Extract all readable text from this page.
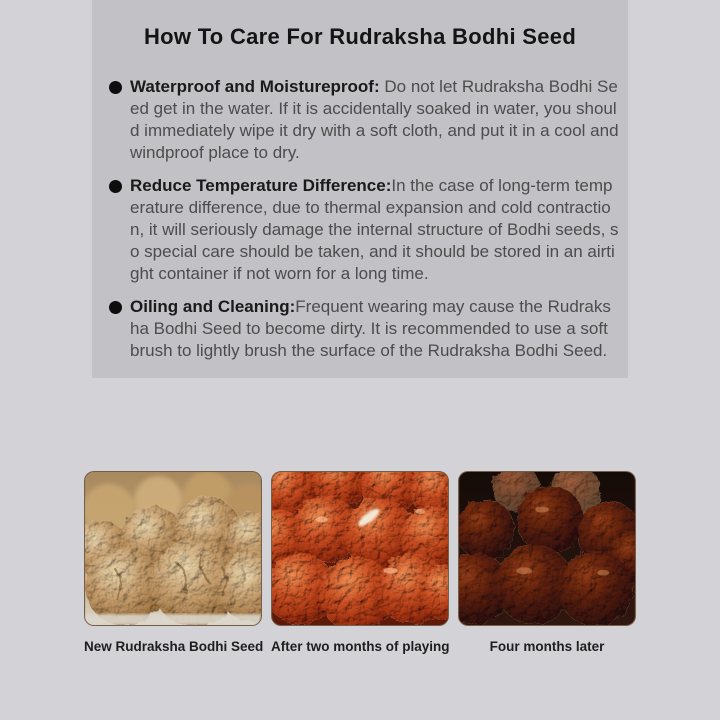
How To Care For Rudraksha Bodhi Seed
Waterproof and Moistureproof: Do not let Rudraksha Bodhi Seed get in the water. If it is accidentally soaked in water, you should immediately wipe it dry with a soft cloth, and put it in a cool and windproof place to dry.
Reduce Temperature Difference:In the case of long-term temperature difference, due to thermal expansion and cold contraction, it will seriously damage the internal structure of Bodhi seeds, so special care should be taken, and it should be stored in an airtight container if not worn for a long time.
Oiling and Cleaning:Frequent wearing may cause the Rudraksha Bodhi Seed to become dirty. It is recommended to use a soft brush to lightly brush the surface of the Rudraksha Bodhi Seed.
New Rudraksha Bodhi Seed After two months of playing	Four months later
